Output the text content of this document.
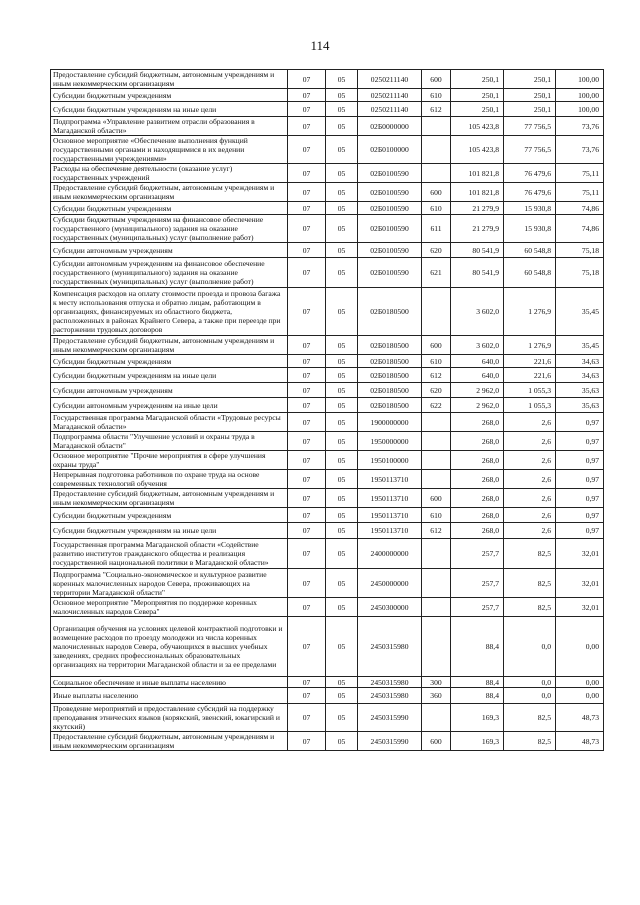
114
Предоставление субсидий бюджетным, автономным учреждениям и иным некоммерческим организациям	07	05	0250211140	600	250,1	250,1	100,00
Субсидии бюджетным учреждениям	07	05	0250211140	610	250,1	250,1	100,00
Субсидии бюджетным учреждениям на иные цели	07	05	0250211140	612	250,1	250,1	100,00
Подпрограмма «Управление развитием отрасли образования в Магаданской области»	07	05	02Б0000000		105 423,8	77 756,5	73,76
Основное мероприятие «Обеспечение выполнения функций государственными органами и находящимися в их ведении государственными учреждениями»	07	05	02Б0100000		105 423,8	77 756,5	73,76
Расходы на обеспечение деятельности (оказание услуг) государственных учреждений	07	05	02Б0100590		101 821,8	76 479,6	75,11
Предоставление субсидий бюджетным, автономным учреждениям и иным некоммерческим организациям	07	05	02Б0100590	600	101 821,8	76 479,6	75,11
Субсидии бюджетным учреждениям	07	05	02Б0100590	610	21 279,9	15 930,8	74,86
Субсидии бюджетным учреждениям на финансовое обеспечение государственного (муниципального) задания на оказание государственных (муниципальных) услуг (выполнение работ)	07	05	02Б0100590	611	21 279,9	15 930,8	74,86
Субсидии автономным учреждениям	07	05	02Б0100590	620	80 541,9	60 548,8	75,18
Субсидии автономным учреждениям на финансовое обеспечение государственного (муниципального) задания на оказание государственных (муниципальных) услуг (выполнение работ)	07	05	02Б0100590	621	80 541,9	60 548,8	75,18
Компенсация расходов на оплату стоимости проезда и провоза багажа к месту использования отпуска и обратно лицам, работающим в организациях, финансируемых из областного бюджета, расположенных в районах Крайнего Севера, а также при переезде при расторжении трудовых договоров	07	05	02Б0180500		3 602,0	1 276,9	35,45
Предоставление субсидий бюджетным, автономным учреждениям и иным некоммерческим организациям	07	05	02Б0180500	600	3 602,0	1 276,9	35,45
Субсидии бюджетным учреждениям	07	05	02Б0180500	610	640,0	221,6	34,63
Субсидии бюджетным учреждениям на иные цели	07	05	02Б0180500	612	640,0	221,6	34,63
Субсидии автономным учреждениям	07	05	02Б0180500	620	2 962,0	1 055,3	35,63
Субсидии автономным учреждениям на иные цели	07	05	02Б0180500	622	2 962,0	1 055,3	35,63
Государственная программа Магаданской области «Трудовые ресурсы Магаданской области»	07	05	1900000000		268,0	2,6	0,97
Подпрограмма области "Улучшение условий и охраны труда в Магаданской области"	07	05	1950000000		268,0	2,6	0,97
Основное мероприятие "Прочие мероприятия в сфере улучшения охраны труда"	07	05	1950100000		268,0	2,6	0,97
Непрерывная подготовка работников по охране труда на основе современных технологий обучения	07	05	1950113710		268,0	2,6	0,97
Предоставление субсидий бюджетным, автономным учреждениям и иным некоммерческим организациям	07	05	1950113710	600	268,0	2,6	0,97
Субсидии бюджетным учреждениям	07	05	1950113710	610	268,0	2,6	0,97
Субсидии бюджетным учреждениям на иные цели	07	05	1950113710	612	268,0	2,6	0,97
Государственная программа Магаданской области «Содействие развитию институтов гражданского общества и реализация государственной национальной политики в Магаданской области»	07	05	2400000000		257,7	82,5	32,01
Подпрограмма "Социально-экономическое и культурное развитие коренных малочисленных народов Севера, проживающих на территории Магаданской области"	07	05	2450000000		257,7	82,5	32,01
Основное мероприятие "Мероприятия по поддержке коренных малочисленных народов Севера"	07	05	2450300000		257,7	82,5	32,01
Организация обучения на условиях целевой контрактной подготовки и возмещение расходов по проезду молодежи из числа коренных малочисленных народов Севера, обучающихся в высших учебных заведениях, средних профессиональных образовательных организациях на территории Магаданской области и за ее пределами	07	05	2450315980		88,4	0,0	0,00
Социальное обеспечение и иные выплаты населению	07	05	2450315980	300	88,4	0,0	0,00
Иные выплаты населению	07	05	2450315980	360	88,4	0,0	0,00
Проведение мероприятий и предоставление субсидий на поддержку преподавания этнических языков (корякский, эвенский, юкагирский и якутский)	07	05	2450315990		169,3	82,5	48,73
Предоставление субсидий бюджетным, автономным учреждениям и иным некоммерческим организациям	07	05	2450315990	600	169,3	82,5	48,73
